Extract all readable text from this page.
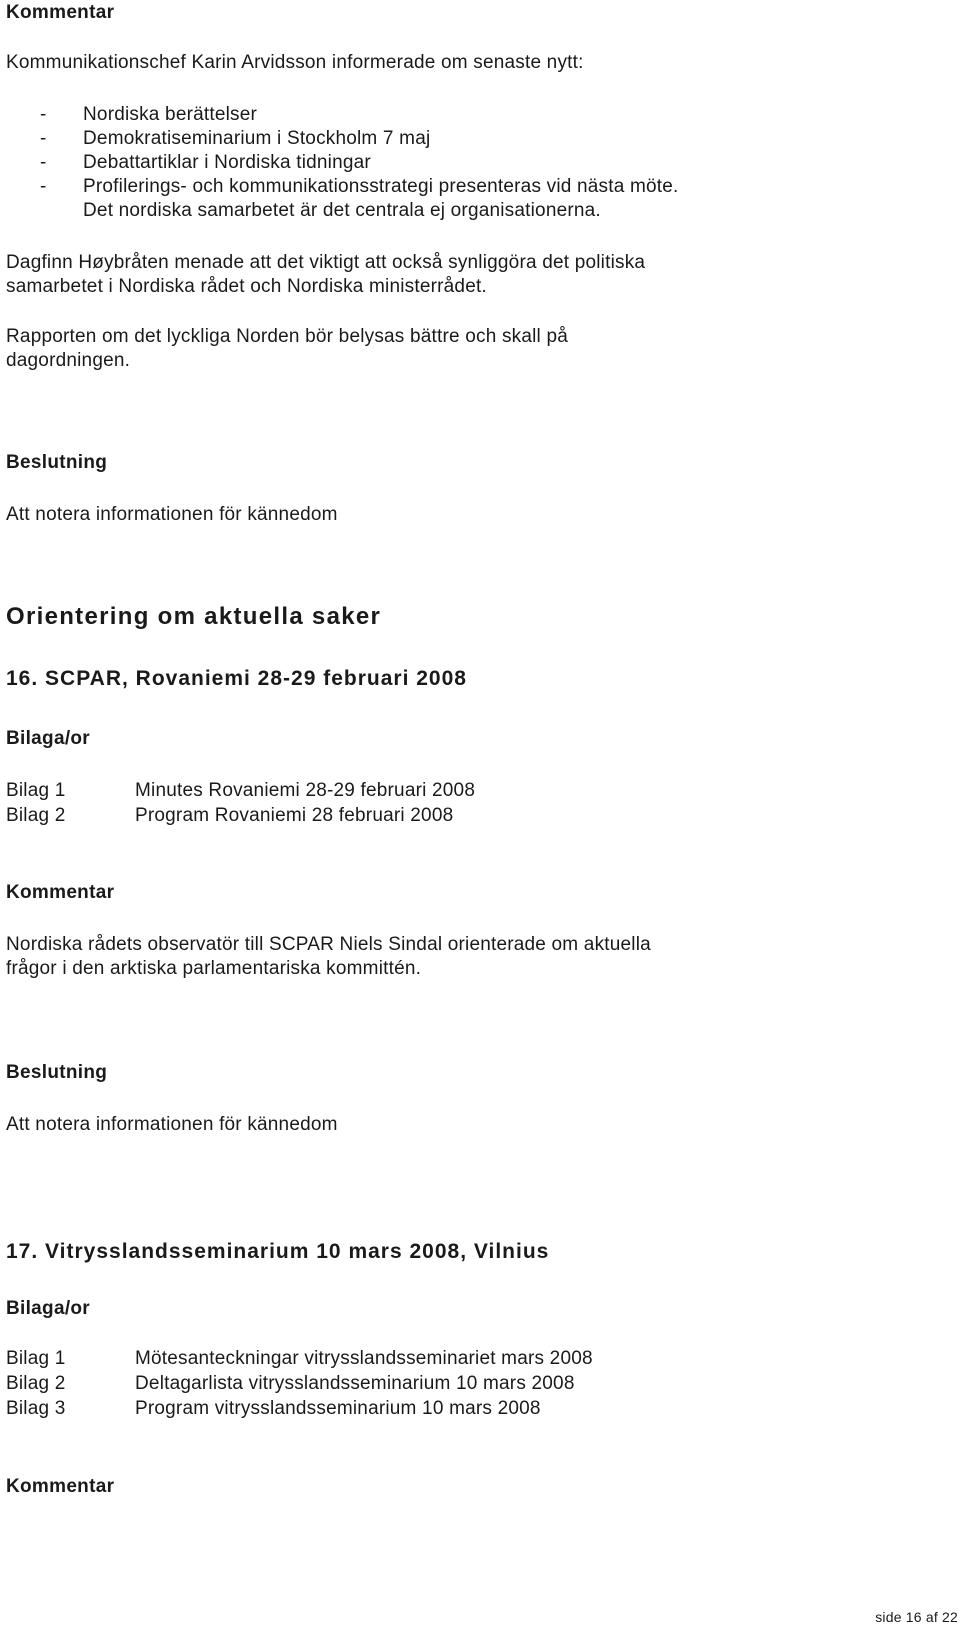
Kommentar
Kommunikationschef Karin Arvidsson informerade om senaste nytt:
- Nordiska berättelser
- Demokratiseminarium i Stockholm 7 maj
- Debattartiklar i Nordiska tidningar
- Profilerings- och kommunikationsstrategi presenteras vid nästa möte.
Det nordiska samarbetet är det centrala ej organisationerna.
Dagfinn Høybråten menade att det viktigt att också synliggöra det politiska
samarbetet i Nordiska rådet och Nordiska ministerrådet.
Rapporten om det lyckliga Norden bör belysas bättre och skall på
dagordningen.
Beslutning
Att notera informationen för kännedom
Orientering om aktuella saker
16. SCPAR, Rovaniemi 28-29 februari 2008
Bilaga/or
Bilag 1	Minutes Rovaniemi 28-29 februari 2008
Bilag 2	Program Rovaniemi 28 februari 2008
Kommentar
Nordiska rådets observatör till SCPAR Niels Sindal orienterade om aktuella
frågor i den arktiska parlamentariska kommittén.
Beslutning
Att notera informationen för kännedom
17. Vitrysslandsseminarium 10 mars 2008, Vilnius
Bilaga/or
Bilag 1	Mötesanteckningar vitrysslandsseminariet mars 2008
Bilag 2	Deltagarlista vitrysslandsseminarium 10 mars 2008
Bilag 3	Program vitrysslandsseminarium 10 mars 2008
Kommentar
side 16 af 22
